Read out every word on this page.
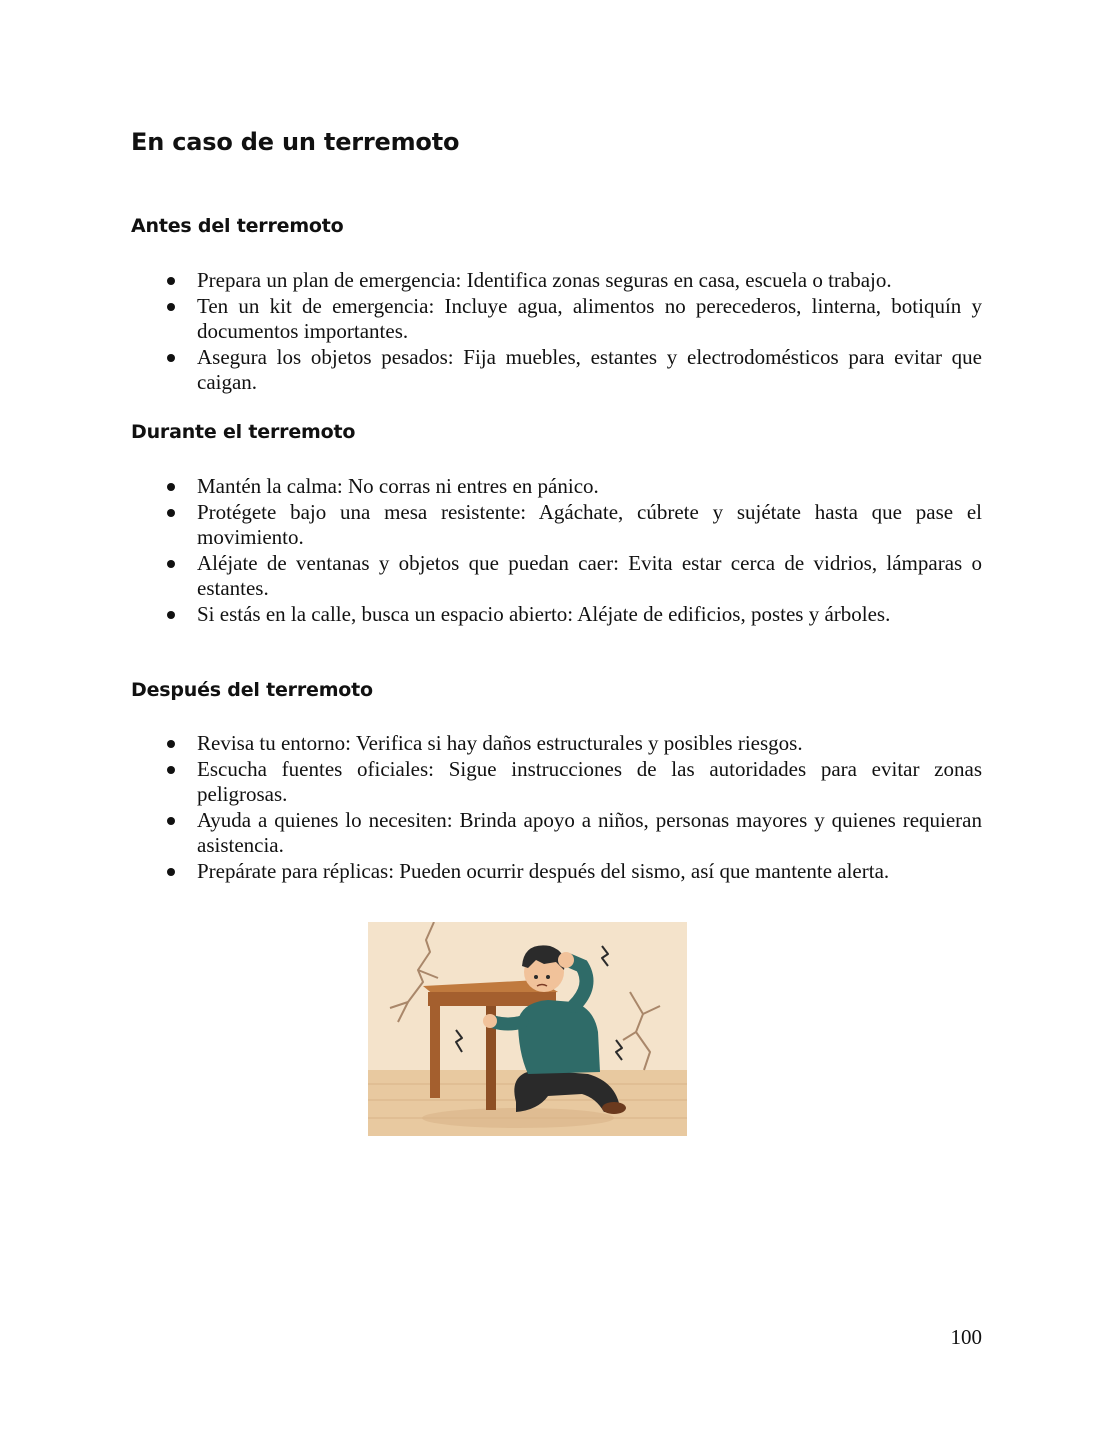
En caso de un terremoto
Antes del terremoto
Prepara un plan de emergencia: Identifica zonas seguras en casa, escuela o trabajo.
Ten un kit de emergencia: Incluye agua, alimentos no perecederos, linterna, botiquín y documentos importantes.
Asegura los objetos pesados: Fija muebles, estantes y electrodomésticos para evitar que caigan.
Durante el terremoto
Mantén la calma: No corras ni entres en pánico.
Protégete bajo una mesa resistente: Agáchate, cúbrete y sujétate hasta que pase el movimiento.
Aléjate de ventanas y objetos que puedan caer: Evita estar cerca de vidrios, lámparas o estantes.
Si estás en la calle, busca un espacio abierto: Aléjate de edificios, postes y árboles.
Después del terremoto
Revisa tu entorno: Verifica si hay daños estructurales y posibles riesgos.
Escucha fuentes oficiales: Sigue instrucciones de las autoridades para evitar zonas peligrosas.
Ayuda a quienes lo necesiten: Brinda apoyo a niños, personas mayores y quienes requieran asistencia.
Prepárate para réplicas: Pueden ocurrir después del sismo, así que mantente alerta.
100
